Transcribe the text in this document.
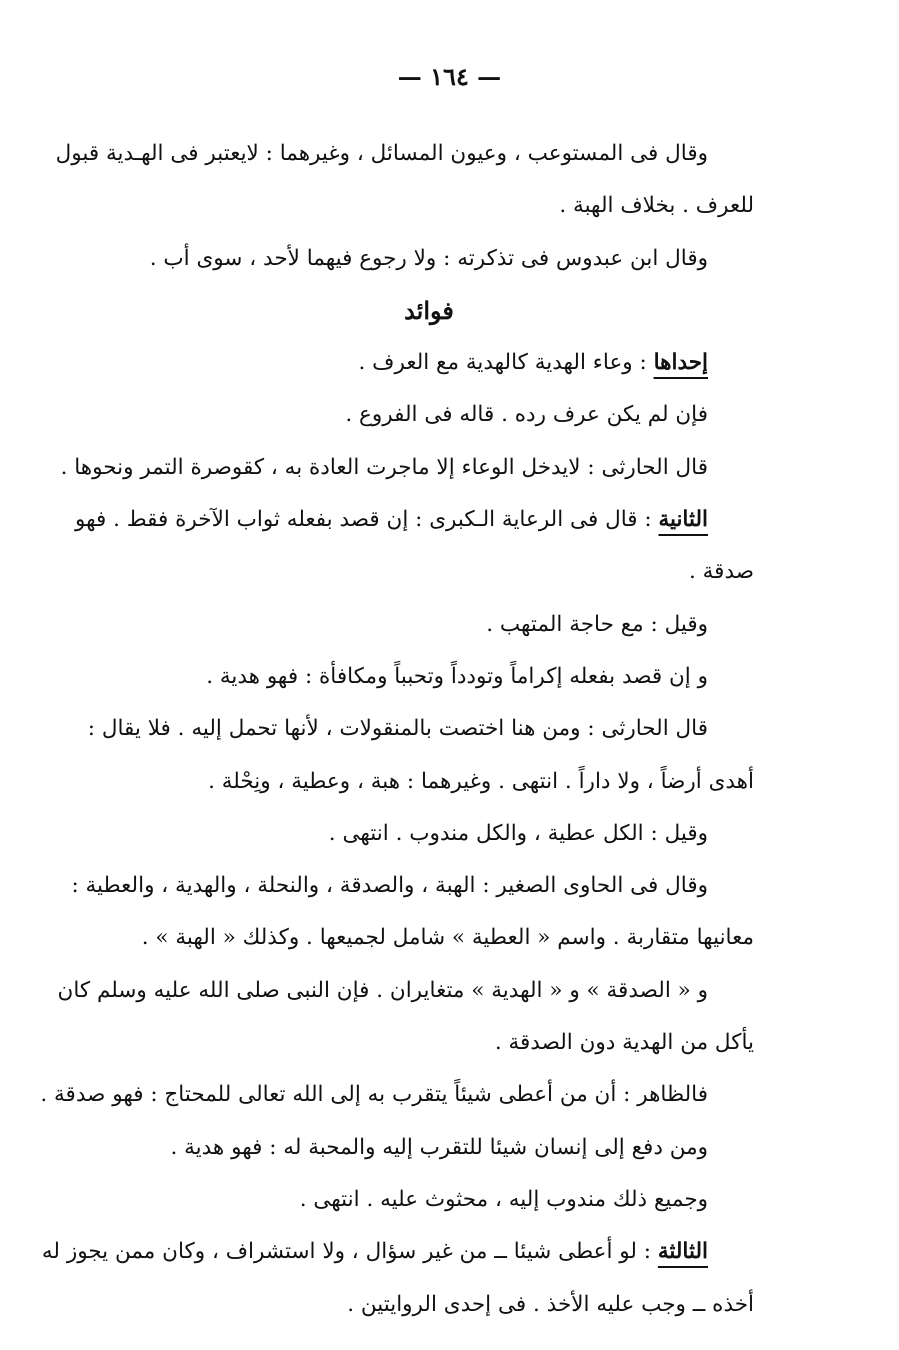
— ١٦٤ —
وقال فى المستوعب ، وعيون المسائل ، وغيرهما : لايعتبر فى الهـدية قبول
للعرف . بخلاف الهبة .
وقال ابن عبدوس فى تذكرته : ولا رجوع فيهما لأحد ، سوى أب .
فوائد
إحداها : وعاء الهدية كالهدية مع العرف .
فإن لم يكن عرف رده . قاله فى الفروع .
قال الحارثى : لايدخل الوعاء إلا ماجرت العادة به ، كقوصرة التمر ونحوها .
الثانية : قال فى الرعاية الـكبرى : إن قصد بفعله ثواب الآخرة فقط . فهو
صدقة .
وقيل : مع حاجة المتهب .
و إن قصد بفعله إكراماً وتودداً وتحبباً ومكافأة : فهو هدية .
قال الحارثى : ومن هنا اختصت بالمنقولات ، لأنها تحمل إليه . فلا يقال :
أهدى أرضاً ، ولا داراً . انتهى . وغيرهما : هبة ، وعطية ، ونِحْلة .
وقيل : الكل عطية ، والكل مندوب . انتهى .
وقال فى الحاوى الصغير : الهبة ، والصدقة ، والنحلة ، والهدية ، والعطية :
معانيها متقاربة . واسم « العطية » شامل لجميعها . وكذلك « الهبة » .
و « الصدقة » و « الهدية » متغايران . فإن النبى صلى الله عليه وسلم كان
يأكل من الهدية دون الصدقة .
فالظاهر : أن من أعطى شيئاً يتقرب به إلى الله تعالى للمحتاج : فهو صدقة .
ومن دفع إلى إنسان شيئا للتقرب إليه والمحبة له : فهو هدية .
وجميع ذلك مندوب إليه ، محثوث عليه . انتهى .
الثالثة : لو أعطى شيئا ــ من غير سؤال ، ولا استشراف ، وكان ممن يجوز له
أخذه ــ وجب عليه الأخذ . فى إحدى الروايتين .
